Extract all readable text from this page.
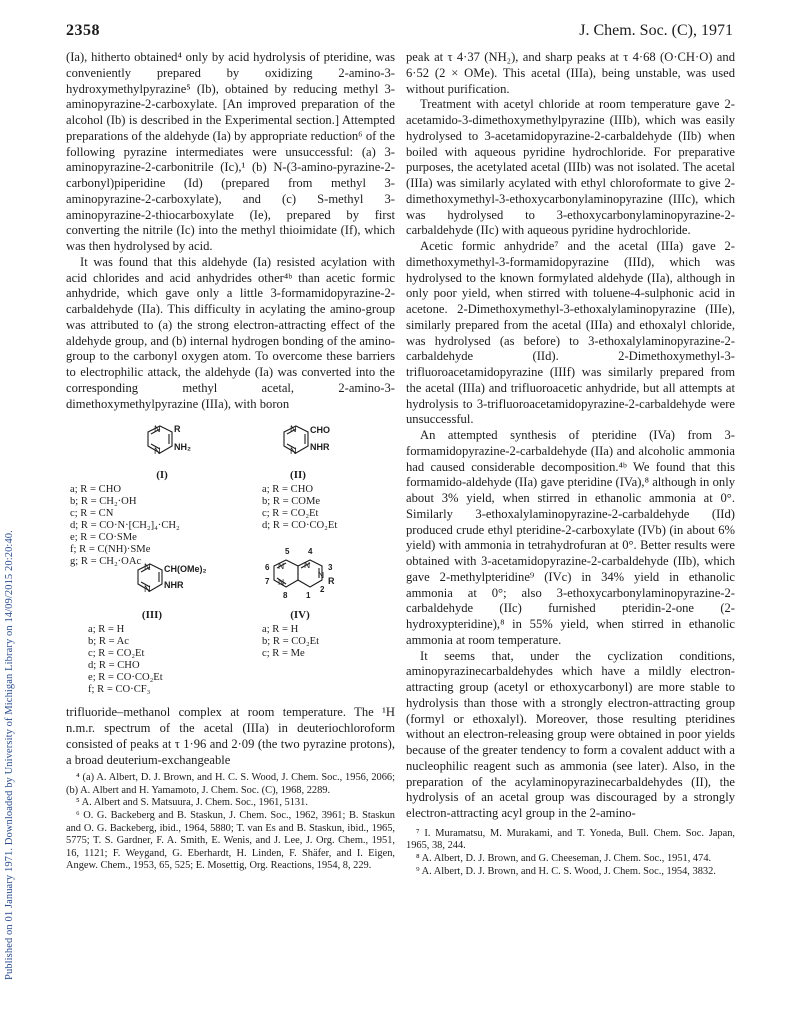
2358	J. Chem. Soc. (C), 1971
Published on 01 January 1971. Downloaded by University of Michigan Library on 14/09/2015 20:20:40.

(Ia), hitherto obtained⁴ only by acid hydrolysis of pteridine, was conveniently prepared by oxidizing 2-amino-3-hydroxymethylpyrazine⁵ (Ib), obtained by reducing methyl 3-aminopyrazine-2-carboxylate. [An improved preparation of the alcohol (Ib) is described in the Experimental section.] Attempted preparations of the aldehyde (Ia) by appropriate reduction⁶ of the following pyrazine intermediates were unsuccessful: (a) 3-aminopyrazine-2-carbonitrile (Ic),¹ (b) N-(3-amino-pyrazine-2-carbonyl)piperidine (Id) (prepared from methyl 3-aminopyrazine-2-carboxylate), and (c) S-methyl 3-aminopyrazine-2-thiocarboxylate (Ie), prepared by first converting the nitrile (Ic) into the methyl thioimidate (If), which was then hydrolysed by acid.

It was found that this aldehyde (Ia) resisted acylation with acid chlorides and acid anhydrides other⁴ᵇ than acetic formic anhydride, which gave only a little 3-formamidopyrazine-2-carbaldehyde (IIa). This difficulty in acylating the amino-group was attributed to (a) the strong electron-attracting effect of the aldehyde group, and (b) internal hydrogen bonding of the amino-group to the carbonyl oxygen atom. To overcome these barriers to electrophilic attack, the aldehyde (Ia) was converted into the corresponding methyl acetal, 2-amino-3-dimethoxymethylpyrazine (IIIa), with boron

N
N
R
NH₂
(I)
a; R = CHO
b; R = CH₂·OH
c; R = CN
d; R = CO·N·[CH₂]₄·CH₂
e; R = CO·SMe
f; R = C(NH)·SMe
g; R = CH₂·OAc
N
N
CHO
NHR
(II)
a; R = CHO
b; R = COMe
c; R = CO₂Et
d; R = CO·CO₂Et
N
N
CH(OMe)₂
NHR
(III)
a; R = H
b; R = Ac
c; R = CO₂Et
d; R = CHO
e; R = CO·CO₂Et
f; R = CO·CF₃
N
N
N
N
5 4
3
6
7
8 1
2
R
(IV)
a; R = H
b; R = CO₂Et
c; R = Me

trifluoride–methanol complex at room temperature. The ¹H n.m.r. spectrum of the acetal (IIIa) in deuteriochloroform consisted of peaks at τ 1·96 and 2·09 (the two pyrazine protons), a broad deuterium-exchangeable

⁴ (a) A. Albert, D. J. Brown, and H. C. S. Wood, J. Chem. Soc., 1956, 2066; (b) A. Albert and H. Yamamoto, J. Chem. Soc. (C), 1968, 2289.

⁵ A. Albert and S. Matsuura, J. Chem. Soc., 1961, 5131.

⁶ O. G. Backeberg and B. Staskun, J. Chem. Soc., 1962, 3961; B. Staskun and O. G. Backeberg, ibid., 1964, 5880; T. van Es and B. Staskun, ibid., 1965, 5775; T. S. Gardner, F. A. Smith, E. Wenis, and J. Lee, J. Org. Chem., 1951, 16, 1121; F. Weygand, G. Eberhardt, H. Linden, F. Shäfer, and I. Eigen, Angew. Chem., 1953, 65, 525; E. Mosettig, Org. Reactions, 1954, 8, 229.

peak at τ 4·37 (NH₂), and sharp peaks at τ 4·68 (O·CH·O) and 6·52 (2 × OMe). This acetal (IIIa), being unstable, was used without purification.

Treatment with acetyl chloride at room temperature gave 2-acetamido-3-dimethoxymethylpyrazine (IIIb), which was easily hydrolysed to 3-acetamidopyrazine-2-carbaldehyde (IIb) when boiled with aqueous pyridine hydrochloride. For preparative purposes, the acetylated acetal (IIIb) was not isolated. The acetal (IIIa) was similarly acylated with ethyl chloroformate to give 2-dimethoxymethyl-3-ethoxycarbonylaminopyrazine (IIIc), which was hydrolysed to 3-ethoxycarbonylaminopyrazine-2-carbaldehyde (IIc) with aqueous pyridine hydrochloride.

Acetic formic anhydride⁷ and the acetal (IIIa) gave 2-dimethoxymethyl-3-formamidopyrazine (IIId), which was hydrolysed to the known formylated aldehyde (IIa), although in only poor yield, when stirred with toluene-4-sulphonic acid in acetone. 2-Dimethoxymethyl-3-ethoxalylaminopyrazine (IIIe), similarly prepared from the acetal (IIIa) and ethoxalyl chloride, was hydrolysed (as before) to 3-ethoxalylaminopyrazine-2-carbaldehyde (IId). 2-Dimethoxymethyl-3-trifluoroacetamidopyrazine (IIIf) was similarly prepared from the acetal (IIIa) and trifluoroacetic anhydride, but all attempts at hydrolysis to 3-trifluoroacetamidopyrazine-2-carbaldehyde were unsuccessful.

An attempted synthesis of pteridine (IVa) from 3-formamidopyrazine-2-carbaldehyde (IIa) and alcoholic ammonia had caused considerable decomposition.⁴ᵇ We found that this formamido-aldehyde (IIa) gave pteridine (IVa),⁸ although in only about 3% yield, when stirred in ethanolic ammonia at 0°. Similarly 3-ethoxalylaminopyrazine-2-carbaldehyde (IId) produced crude ethyl pteridine-2-carboxylate (IVb) (in about 6% yield) with ammonia in tetrahydrofuran at 0°. Better results were obtained with 3-acetamidopyrazine-2-carbaldehyde (IIb), which gave 2-methylpteridine⁹ (IVc) in 34% yield in ethanolic ammonia at 0°; also 3-ethoxycarbonylaminopyrazine-2-carbaldehyde (IIc) furnished pteridin-2-one (2-hydroxypteridine),⁸ in 55% yield, when stirred in ethanolic ammonia at room temperature.

It seems that, under the cyclization conditions, aminopyrazinecarbaldehydes which have a mildly electron-attracting group (acetyl or ethoxycarbonyl) are more stable to hydrolysis than those with a strongly electron-attracting group (formyl or ethoxalyl). Moreover, those resulting pteridines without an electron-releasing group were obtained in poor yields because of the greater tendency to form a covalent adduct with a nucleophilic reagent such as ammonia (see later). Also, in the preparation of the acylaminopyrazinecarbaldehydes (II), the hydrolysis of an acetal group was discouraged by a strongly electron-attracting acyl group in the 2-amino-

⁷ I. Muramatsu, M. Murakami, and T. Yoneda, Bull. Chem. Soc. Japan, 1965, 38, 244.

⁸ A. Albert, D. J. Brown, and G. Cheeseman, J. Chem. Soc., 1951, 474.

⁹ A. Albert, D. J. Brown, and H. C. S. Wood, J. Chem. Soc., 1954, 3832.
